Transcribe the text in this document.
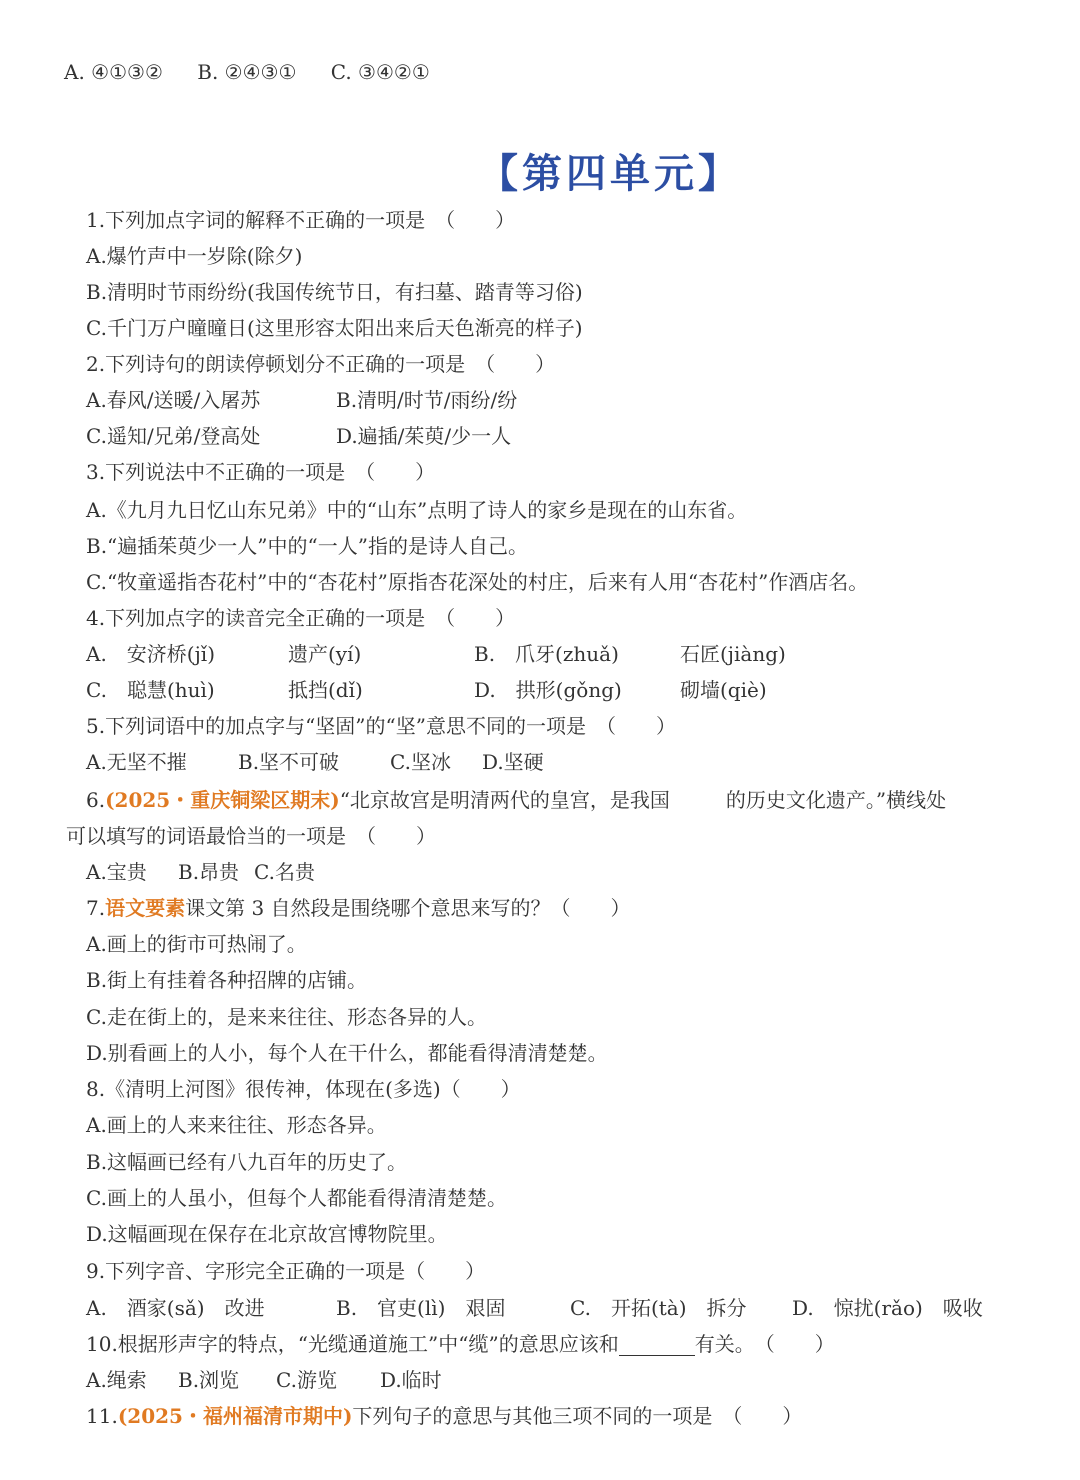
A. ④①③② B. ②④③① C. ③④②①
【第四单元】
1.下列加点字词的解释不正确的一项是　（　　）
A.爆竹声中一岁除(除夕)
B.清明时节雨纷纷(我国传统节日，有扫墓、踏青等习俗)
C.千门万户曈曈日(这里形容太阳出来后天色渐亮的样子)
2.下列诗句的朗读停顿划分不正确的一项是　（　　）
A.春风/送暖/入屠苏	B.清明/时节/雨纷/纷
C.遥知/兄弟/登高处	D.遍插/茱萸/少一人
3.下列说法中不正确的一项是　（　　）
A.《九月九日忆山东兄弟》中的“山东”点明了诗人的家乡是现在的山东省。
B.“遍插茱萸少一人”中的“一人”指的是诗人自己。
C.“牧童遥指杏花村”中的“杏花村”原指杏花深处的村庄，后来有人用“杏花村”作酒店名。
4.下列加点字的读音完全正确的一项是　（　　）
A.　安济桥(jǐ)	遗产(yí)	B.　爪牙(zhuǎ)	石匠(jiàng)
C.　聪慧(huì)	抵挡(dǐ)	D.　拱形(gǒng)	砌墙(qiè)
5.下列词语中的加点字与“坚固”的“坚”意思不同的一项是　（　　）
A.无坚不摧	B.坚不可破	C.坚冰 D.坚硬
6.(2025・重庆铜梁区期末)“北京故宫是明清两代的皇宫，是我国	的历史文化遗产。”横线处
可以填写的词语最恰当的一项是　（　　）
A.宝贵 B.昂贵 C.名贵
7.语文要素课文第 3 自然段是围绕哪个意思来写的？（　　）
A.画上的街市可热闹了。
B.街上有挂着各种招牌的店铺。
C.走在街上的，是来来往往、形态各异的人。
D.别看画上的人小，每个人在干什么，都能看得清清楚楚。
8.《清明上河图》很传神，体现在(多选)（　　）
A.画上的人来来往往、形态各异。
B.这幅画已经有八九百年的历史了。
C.画上的人虽小，但每个人都能看得清清楚楚。
D.这幅画现在保存在北京故宫博物院里。
9.下列字音、字形完全正确的一项是（　　）
A.　酒家(sǎ)　改进	B.　官吏(lì)　艰固	C.　开拓(tà)　拆分 D.　惊扰(rǎo)　吸收
10.根据形声字的特点，“光缆通道施工”中“缆”的意思应该和	有关。　（　　）
A.绳索 B.浏览 C.游览 D.临时
11.(2025・福州福清市期中)下列句子的意思与其他三项不同的一项是　（　　）
